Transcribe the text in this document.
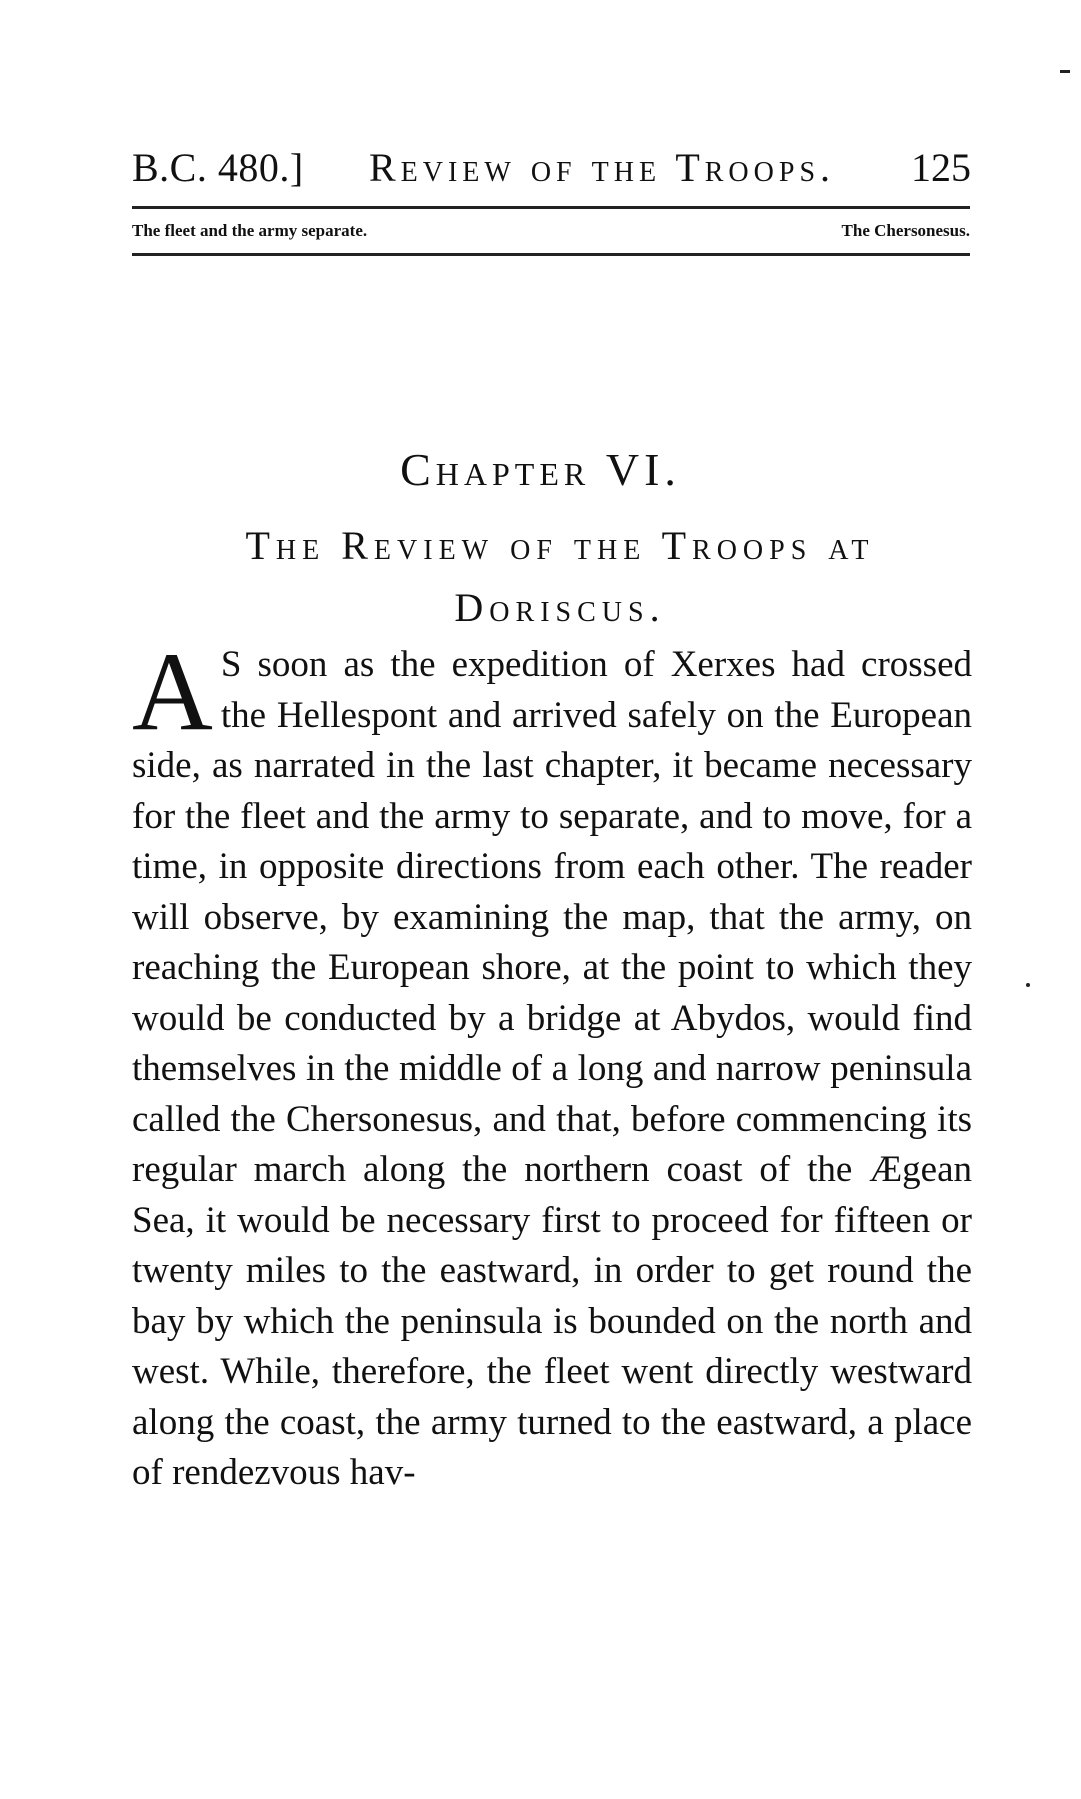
B.C. 480.]	Review of the Troops.	125
The fleet and the army separate.	The Chersonesus.
Chapter VI.
The Review of the Troops at Doriscus.

A S soon as the expedition of Xerxes had crossed the Hellespont and arrived safely on the European side, as narrated in the last chapter, it became necessary for the fleet and the army to separate, and to move, for a time, in opposite directions from each other. The reader will observe, by examining the map, that the army, on reaching the European shore, at the point to which they would be conducted by a bridge at Abydos, would find themselves in the middle of a long and narrow peninsula called the Chersonesus, and that, before commencing its regular march along the northern coast of the Ægean Sea, it would be necessary first to proceed for fifteen or twenty miles to the eastward, in order to get round the bay by which the peninsula is bounded on the north and west. While, therefore, the fleet went directly westward along the coast, the army turned to the eastward, a place of rendezvous hav-
